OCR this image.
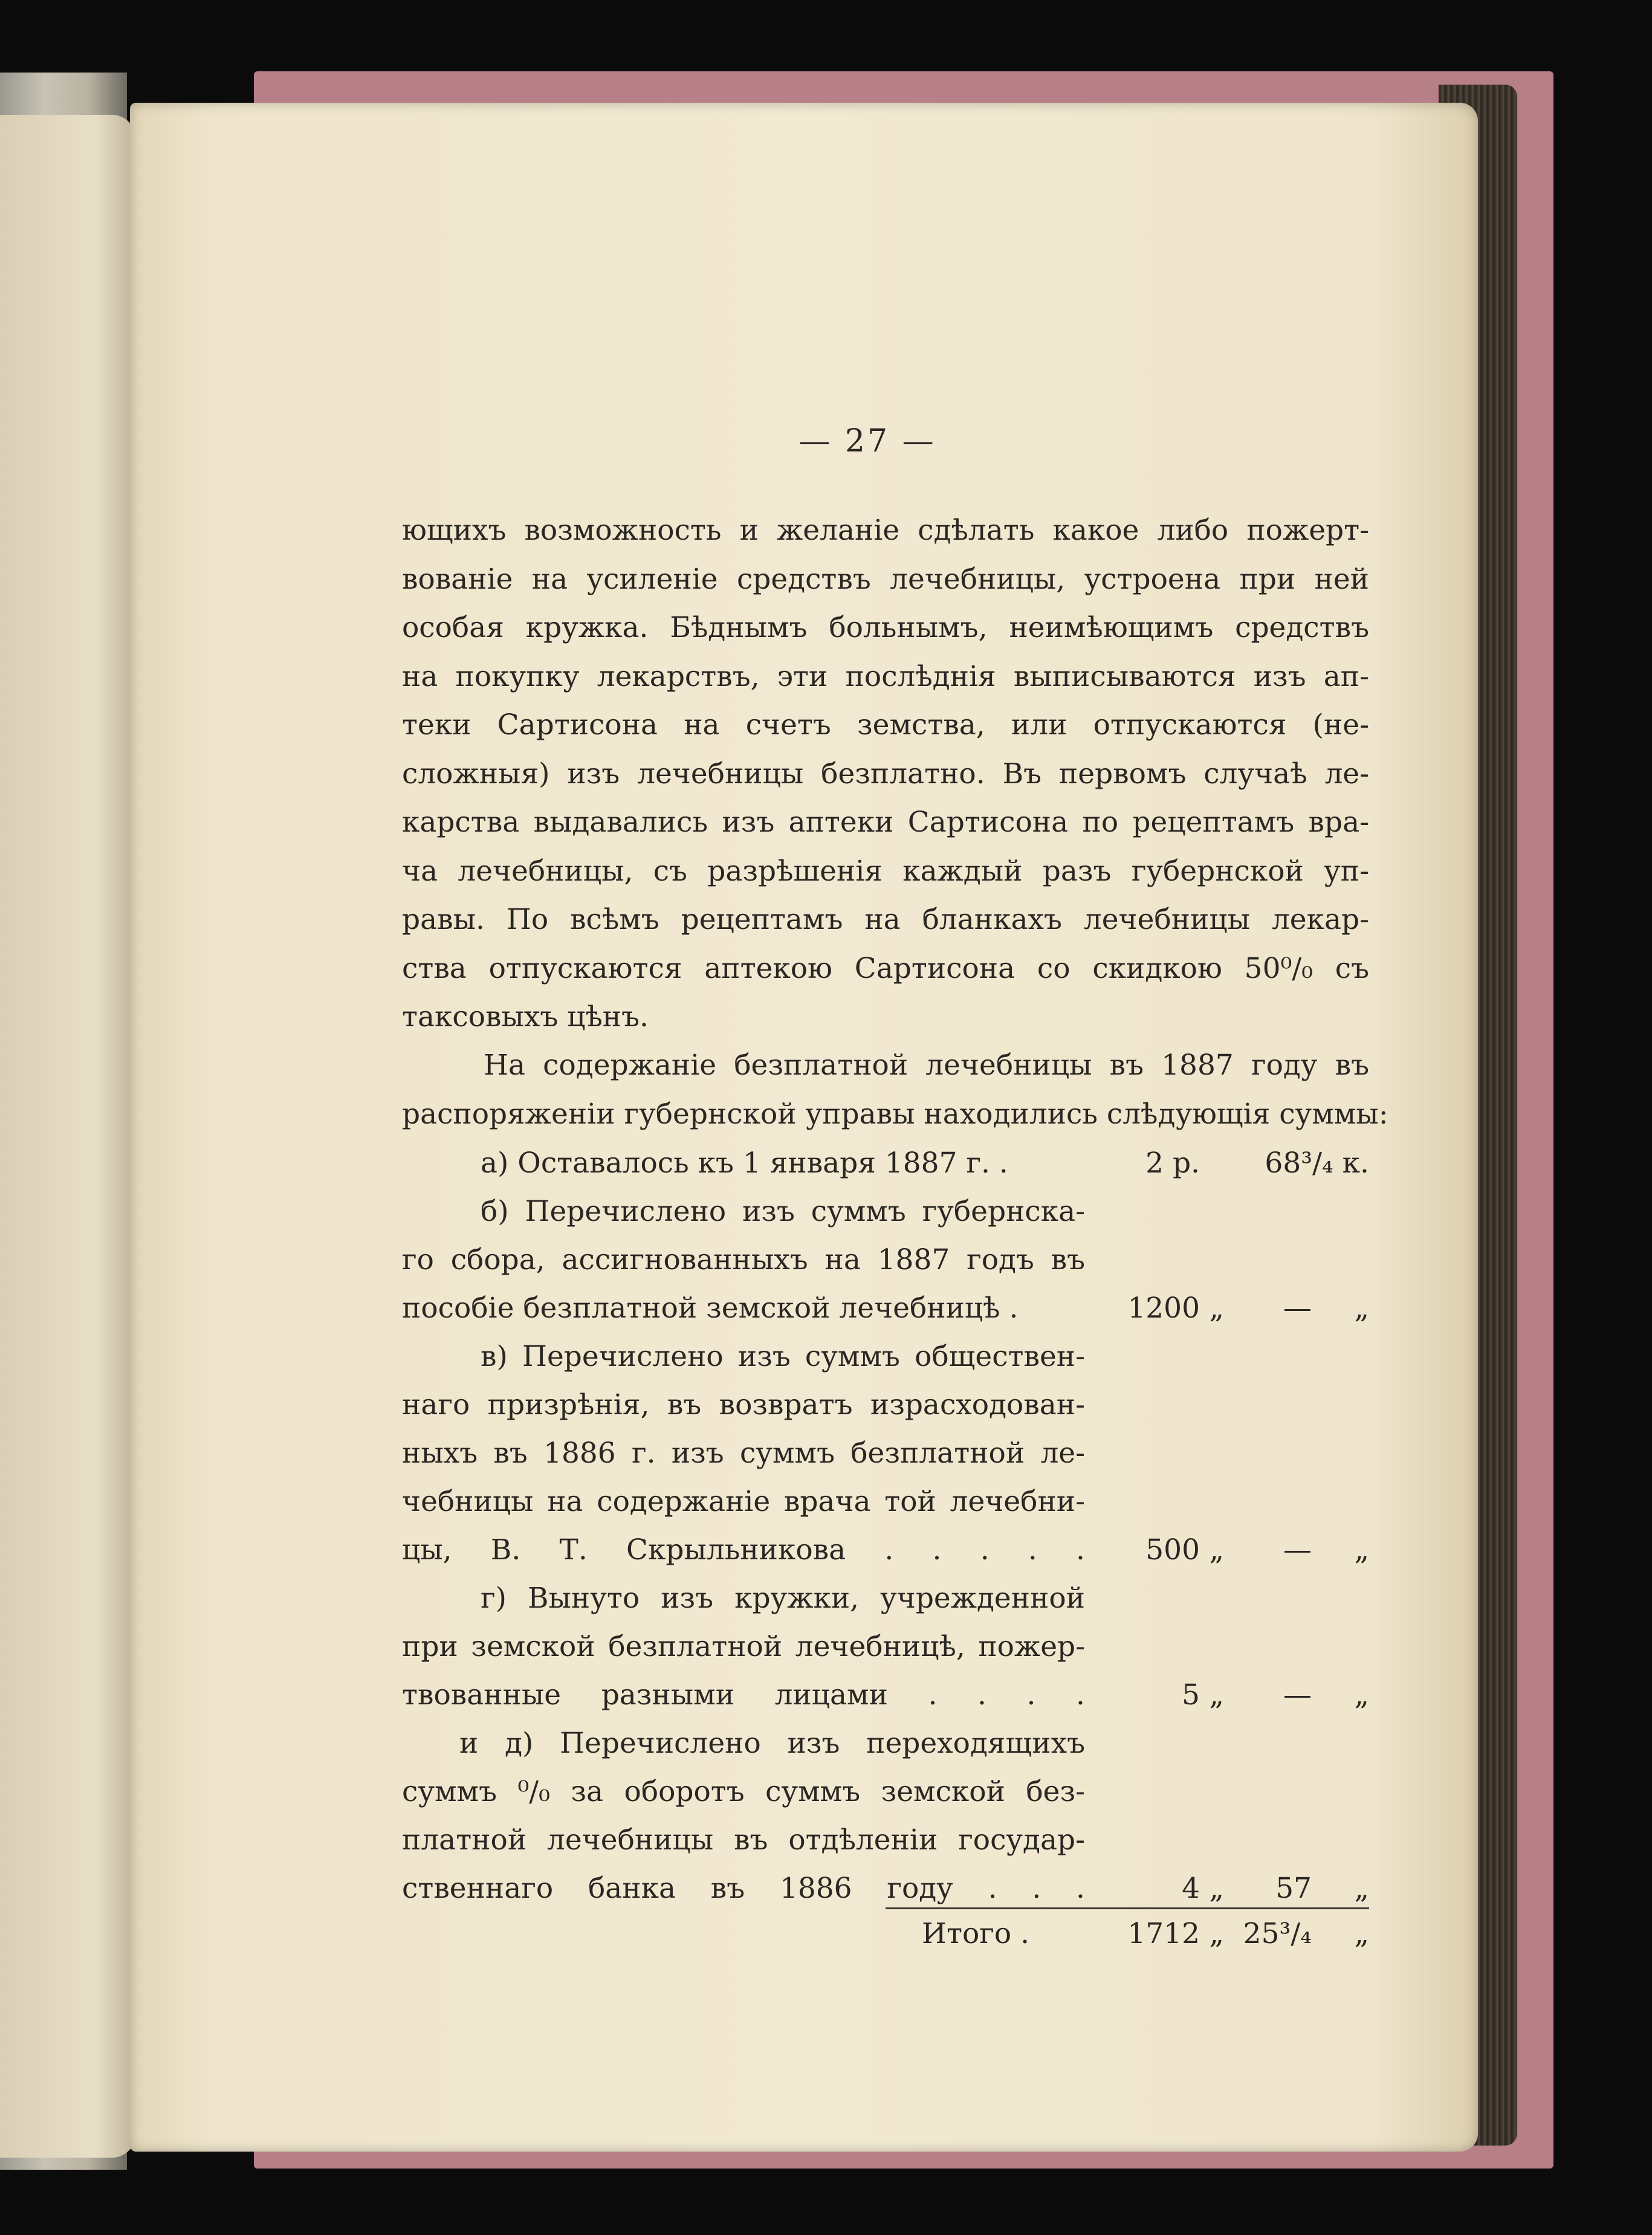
— 27 —
ющихъ возможность и желаніе сдѣлать какое либо пожерт-
вованіе на усиленіе средствъ лечебницы, устроена при ней
особая кружка. Бѣднымъ больнымъ, неимѣющимъ средствъ
на покупку лекарствъ, эти послѣднія выписываются изъ ап-
теки Сартисона на счетъ земства, или отпускаются (не-
сложныя) изъ лечебницы безплатно. Въ первомъ случаѣ ле-
карства выдавались изъ аптеки Сартисона по рецептамъ вра-
ча лечебницы, съ разрѣшенія каждый разъ губернской уп-
равы. По всѣмъ рецептамъ на бланкахъ лечебницы лекар-
ства отпускаются аптекою Сартисона со скидкою 50⁰/₀ съ
таксовыхъ цѣнъ.
На содержаніе безплатной лечебницы въ 1887 году въ
распоряженіи губернской управы находились слѣдующія суммы:
а) Оставалось къ 1 января 1887 г. .	2 р. 68³/₄ к.
б) Перечислено изъ суммъ губернска-
го сбора, ассигнованныхъ на 1887 годъ въ
пособіе безплатной земской лечебницѣ .	1200 „ — „
в) Перечислено изъ суммъ обществен-
наго призрѣнія, въ возвратъ израсходован-
ныхъ въ 1886 г. изъ суммъ безплатной ле-
чебницы на содержаніе врача той лечебни-
цы, В. Т. Скрыльникова . . . . . 500 „ — „
г) Вынуто изъ кружки, учрежденной
при земской безплатной лечебницѣ, пожер-
твованные разными лицами . . . .	5 „ — „
и д) Перечислено изъ переходящихъ
суммъ ⁰/₀ за оборотъ суммъ земской без-
платной лечебницы въ отдѣленіи государ-
ственнаго банка въ 1886 году . . .	4 „ 57 „
Итого .	1712 „ 25³/₄ „
